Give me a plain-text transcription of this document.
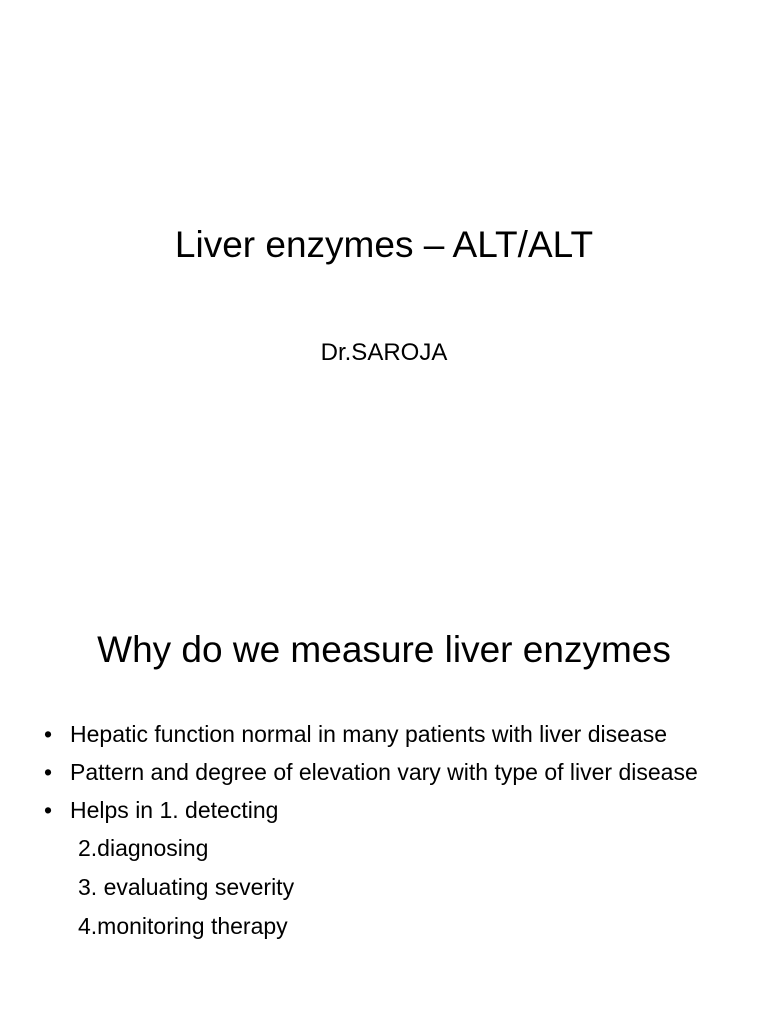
Liver enzymes – ALT/ALT
Dr.SAROJA
Why do we measure liver enzymes
• Hepatic function normal in many patients with liver disease
• Pattern and degree of elevation vary with type of liver disease
• Helps in 1. detecting
2.diagnosing
3. evaluating severity
4.monitoring therapy
